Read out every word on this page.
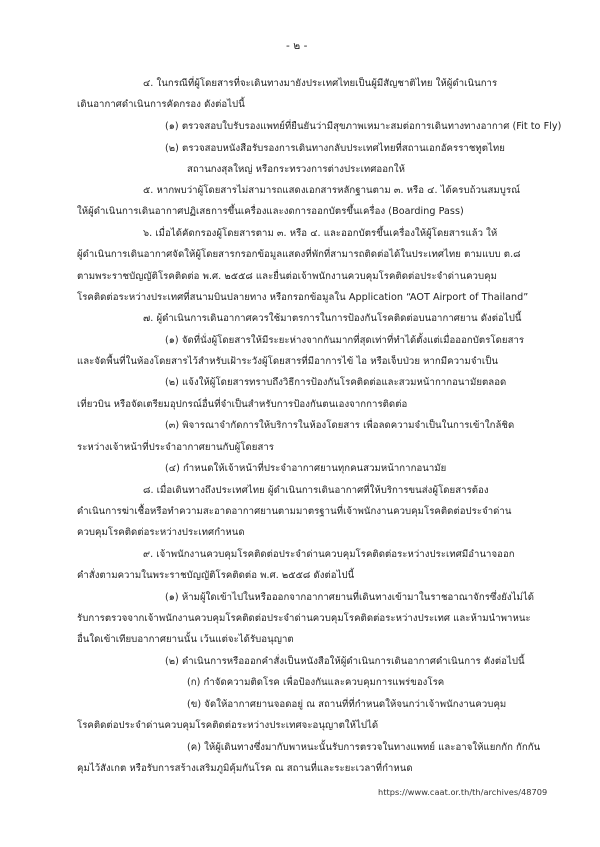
- ๒ -
๔. ในกรณีที่ผู้โดยสารที่จะเดินทางมายังประเทศไทยเป็นผู้มีสัญชาติไทย ให้ผู้ดำเนินการ
เดินอากาศดำเนินการคัดกรอง ดังต่อไปนี้
(๑) ตรวจสอบใบรับรองแพทย์ที่ยืนยันว่ามีสุขภาพเหมาะสมต่อการเดินทางทางอากาศ (Fit to Fly)
(๒) ตรวจสอบหนังสือรับรองการเดินทางกลับประเทศไทยที่สถานเอกอัครราชทูตไทย
สถานกงสุลใหญ่ หรือกระทรวงการต่างประเทศออกให้
๕. หากพบว่าผู้โดยสารไม่สามารถแสดงเอกสารหลักฐานตาม ๓. หรือ ๔. ได้ครบถ้วนสมบูรณ์
ให้ผู้ดำเนินการเดินอากาศปฏิเสธการขึ้นเครื่องและงดการออกบัตรขึ้นเครื่อง (Boarding Pass)
๖. เมื่อได้คัดกรองผู้โดยสารตาม ๓. หรือ ๔. และออกบัตรขึ้นเครื่องให้ผู้โดยสารแล้ว ให้
ผู้ดำเนินการเดินอากาศจัดให้ผู้โดยสารกรอกข้อมูลแสดงที่พักที่สามารถติดต่อได้ในประเทศไทย ตามแบบ ต.๘
ตามพระราชบัญญัติโรคติดต่อ พ.ศ. ๒๕๕๘ และยื่นต่อเจ้าพนักงานควบคุมโรคติดต่อประจำด่านควบคุม
โรคติดต่อระหว่างประเทศที่สนามบินปลายทาง หรือกรอกข้อมูลใน Application “AOT Airport of Thailand”
๗. ผู้ดำเนินการเดินอากาศควรใช้มาตรการในการป้องกันโรคติดต่อบนอากาศยาน ดังต่อไปนี้
(๑) จัดที่นั่งผู้โดยสารให้มีระยะห่างจากกันมากที่สุดเท่าที่ทำได้ตั้งแต่เมื่อออกบัตรโดยสาร
และจัดพื้นที่ในห้องโดยสารไว้สำหรับเฝ้าระวังผู้โดยสารที่มีอาการไข้ ไอ หรือเจ็บป่วย หากมีความจำเป็น
(๒) แจ้งให้ผู้โดยสารทราบถึงวิธีการป้องกันโรคติดต่อและสวมหน้ากากอนามัยตลอด
เที่ยวบิน หรือจัดเตรียมอุปกรณ์อื่นที่จำเป็นสำหรับการป้องกันตนเองจากการติดต่อ
(๓) พิจารณาจำกัดการให้บริการในห้องโดยสาร เพื่อลดความจำเป็นในการเข้าใกล้ชิด
ระหว่างเจ้าหน้าที่ประจำอากาศยานกับผู้โดยสาร
(๔) กำหนดให้เจ้าหน้าที่ประจำอากาศยานทุกคนสวมหน้ากากอนามัย
๘. เมื่อเดินทางถึงประเทศไทย ผู้ดำเนินการเดินอากาศที่ให้บริการขนส่งผู้โดยสารต้อง
ดำเนินการฆ่าเชื้อหรือทำความสะอาดอากาศยานตามมาตรฐานที่เจ้าพนักงานควบคุมโรคติดต่อประจำด่าน
ควบคุมโรคติดต่อระหว่างประเทศกำหนด
๙. เจ้าพนักงานควบคุมโรคติดต่อประจำด่านควบคุมโรคติดต่อระหว่างประเทศมีอำนาจออก
คำสั่งตามความในพระราชบัญญัติโรคติดต่อ พ.ศ. ๒๕๕๘ ดังต่อไปนี้
(๑) ห้ามผู้ใดเข้าไปในหรือออกจากอากาศยานที่เดินทางเข้ามาในราชอาณาจักรซึ่งยังไม่ได้
รับการตรวจจากเจ้าพนักงานควบคุมโรคติดต่อประจำด่านควบคุมโรคติดต่อระหว่างประเทศ และห้ามนำพาหนะ
อื่นใดเข้าเทียบอากาศยานนั้น เว้นแต่จะได้รับอนุญาต
(๒) ดำเนินการหรือออกคำสั่งเป็นหนังสือให้ผู้ดำเนินการเดินอากาศดำเนินการ ดังต่อไปนี้
(ก) กำจัดความติดโรค เพื่อป้องกันและควบคุมการแพร่ของโรค
(ข) จัดให้อากาศยานจอดอยู่ ณ สถานที่ที่กำหนดให้จนกว่าเจ้าพนักงานควบคุม
โรคติดต่อประจำด่านควบคุมโรคติดต่อระหว่างประเทศจะอนุญาตให้ไปได้
(ค) ให้ผู้เดินทางซึ่งมากับพาหนะนั้นรับการตรวจในทางแพทย์ และอาจให้แยกกัก กักกัน
คุมไว้สังเกต หรือรับการสร้างเสริมภูมิคุ้มกันโรค ณ สถานที่และระยะเวลาที่กำหนด
https://www.caat.or.th/th/archives/48709
